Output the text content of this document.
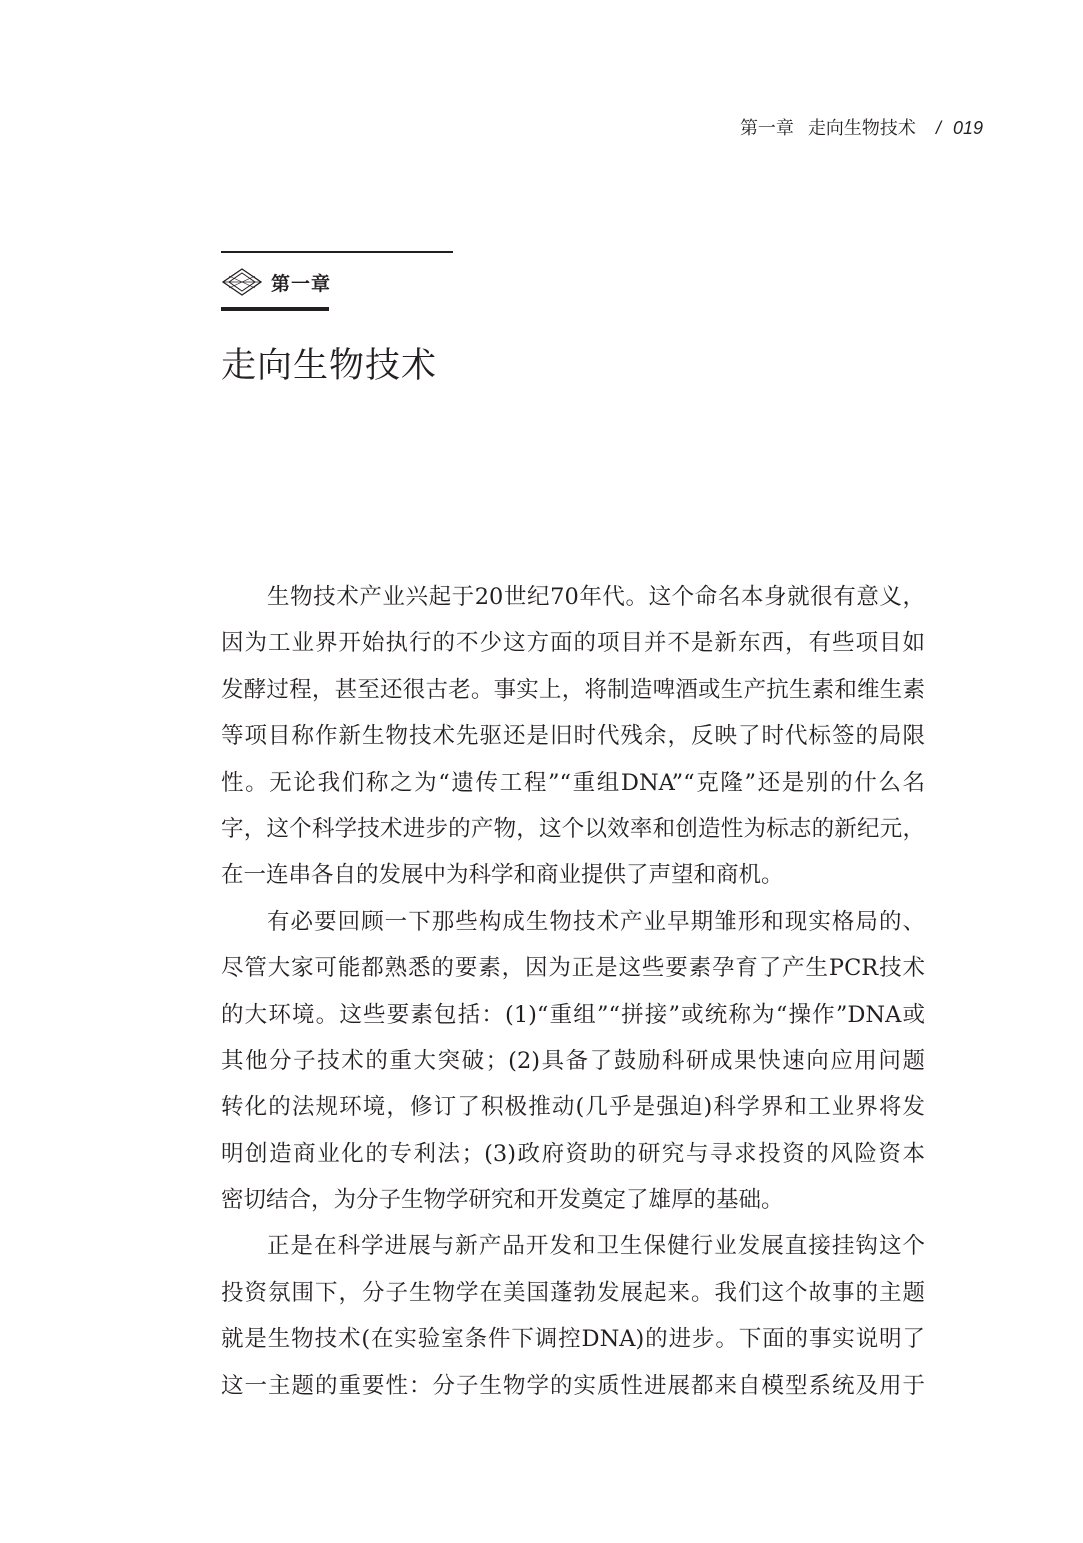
第一章 走向生物技术 / 019
第一章
走向生物技术
生物技术产业兴起于20世纪70年代。这个命名本身就很有意义，
因为工业界开始执行的不少这方面的项目并不是新东西，有些项目如
发酵过程，甚至还很古老。事实上，将制造啤酒或生产抗生素和维生素
等项目称作新生物技术先驱还是旧时代残余，反映了时代标签的局限
性。无论我们称之为“遗传工程”“重组DNA”“克隆”还是别的什么名
字，这个科学技术进步的产物，这个以效率和创造性为标志的新纪元，
在一连串各自的发展中为科学和商业提供了声望和商机。
有必要回顾一下那些构成生物技术产业早期雏形和现实格局的、
尽管大家可能都熟悉的要素，因为正是这些要素孕育了产生PCR技术
的大环境。这些要素包括：(1)“重组”“拼接”或统称为“操作”DNA或
其他分子技术的重大突破；(2)具备了鼓励科研成果快速向应用问题
转化的法规环境，修订了积极推动(几乎是强迫)科学界和工业界将发
明创造商业化的专利法；(3)政府资助的研究与寻求投资的风险资本
密切结合，为分子生物学研究和开发奠定了雄厚的基础。
正是在科学进展与新产品开发和卫生保健行业发展直接挂钩这个
投资氛围下，分子生物学在美国蓬勃发展起来。我们这个故事的主题
就是生物技术(在实验室条件下调控DNA)的进步。下面的事实说明了
这一主题的重要性：分子生物学的实质性进展都来自模型系统及用于
